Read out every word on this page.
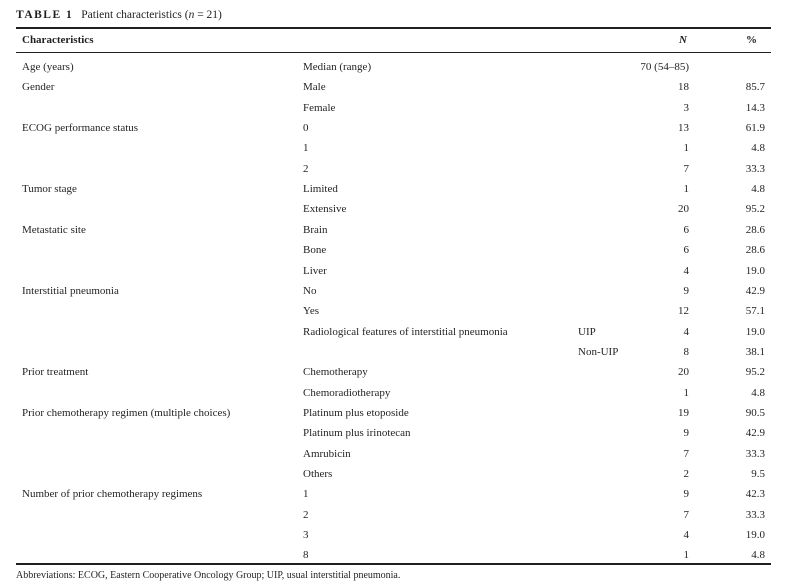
TABLE 1 Patient characteristics (n = 21)
Characteristics	N	%
Age (years)	Median (range)	70 (54–85)
Gender	Male	18	85.7
Female	3	14.3
ECOG performance status	0	13	61.9
1	1	4.8
2	7	33.3
Tumor stage	Limited	1	4.8
Extensive	20	95.2
Metastatic site	Brain	6	28.6
Bone	6	28.6
Liver	4	19.0
Interstitial pneumonia	No	9	42.9
Yes	12	57.1
Radiological features of interstitial pneumonia	UIP	4	19.0
Non-UIP	8	38.1
Prior treatment	Chemotherapy	20	95.2
Chemoradiotherapy	1	4.8
Prior chemotherapy regimen (multiple choices)	Platinum plus etoposide	19	90.5
Platinum plus irinotecan	9	42.9
Amrubicin	7	33.3
Others	2	9.5
Number of prior chemotherapy regimens	1	9	42.3
2	7	33.3
3	4	19.0
8	1	4.8
Abbreviations: ECOG, Eastern Cooperative Oncology Group; UIP, usual interstitial pneumonia.
